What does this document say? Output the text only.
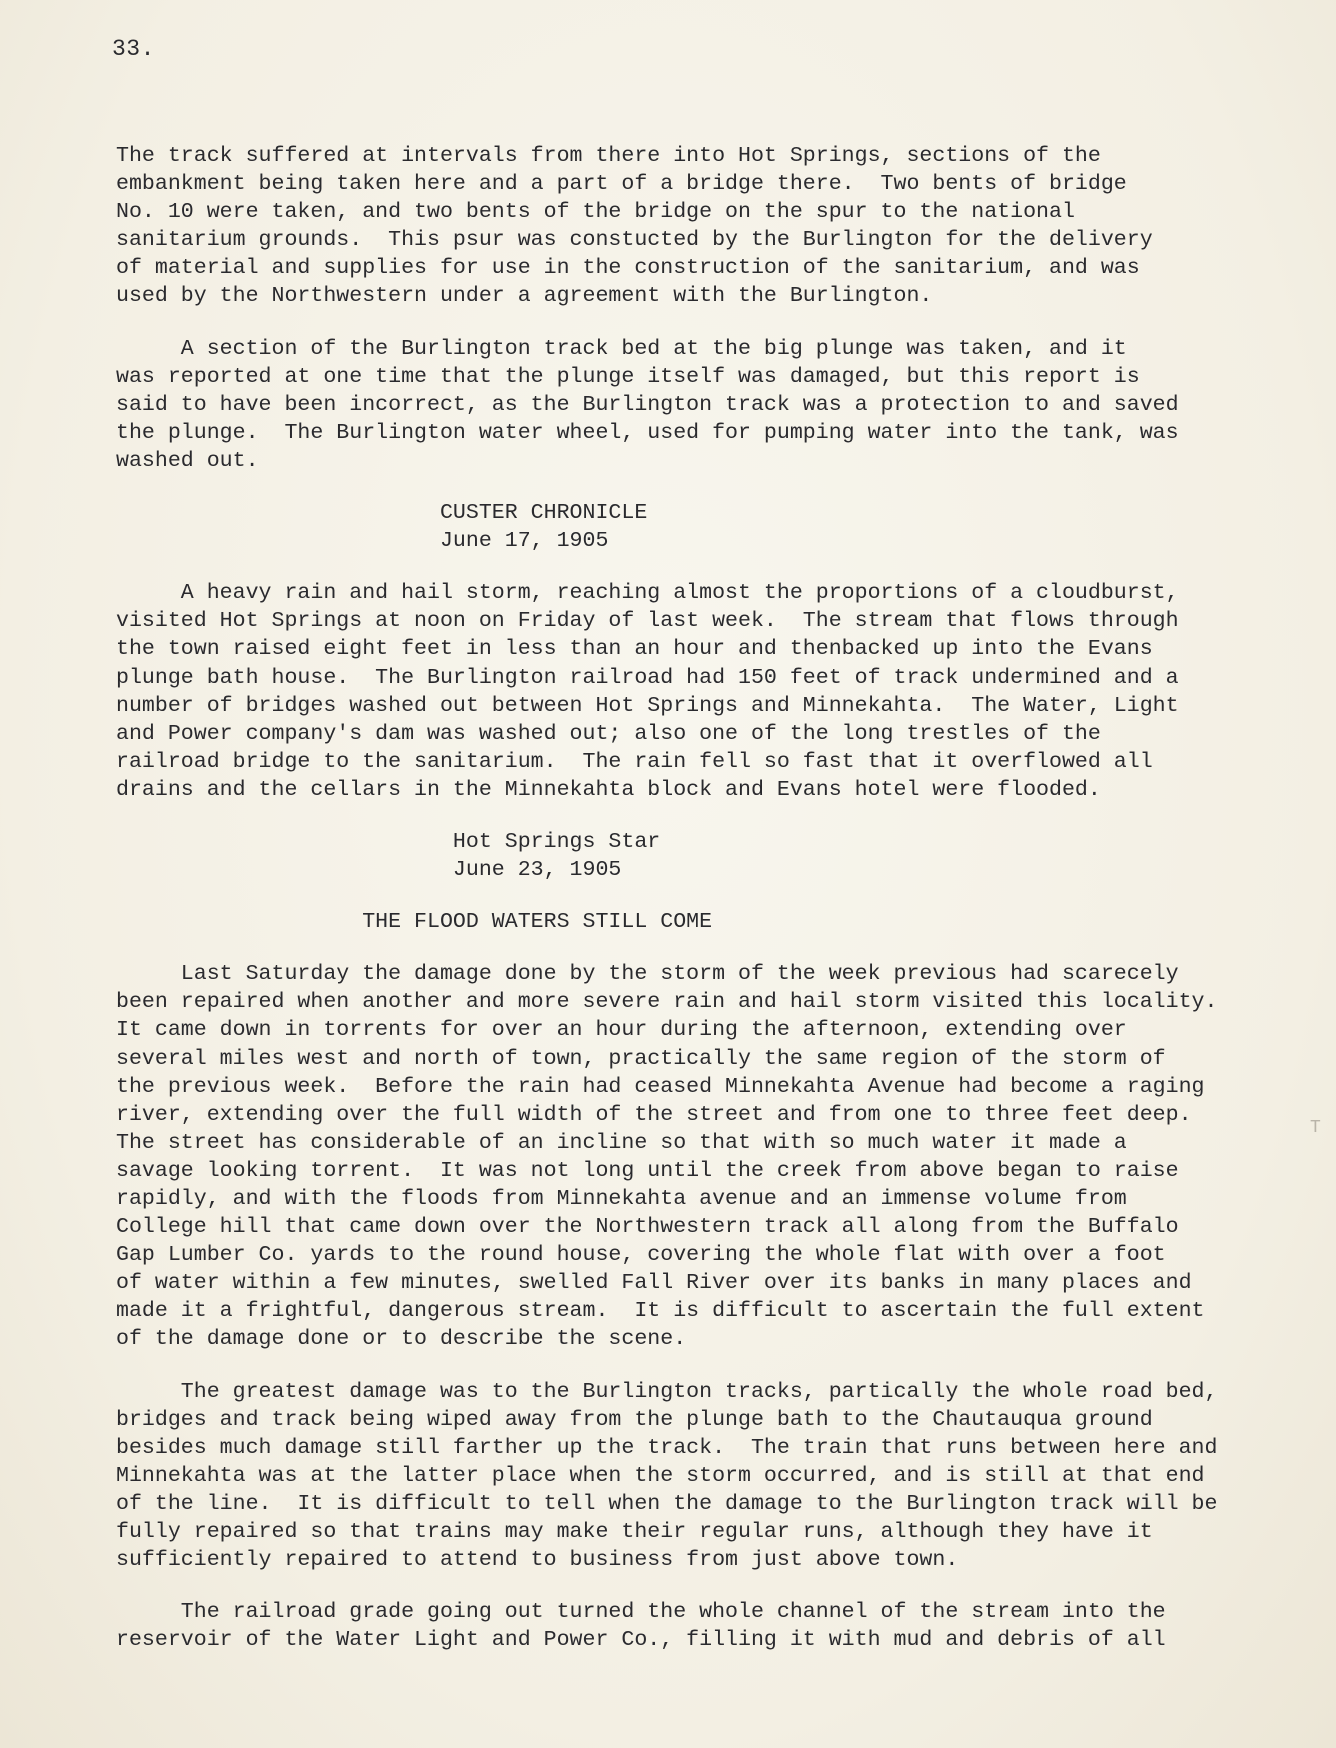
33.
The track suffered at intervals from there into Hot Springs, sections of the
embankment being taken here and a part of a bridge there.  Two bents of bridge
No. 10 were taken, and two bents of the bridge on the spur to the national
sanitarium grounds.  This psur was constucted by the Burlington for the delivery
of material and supplies for use in the construction of the sanitarium, and was
used by the Northwestern under a agreement with the Burlington.
A section of the Burlington track bed at the big plunge was taken, and it
was reported at one time that the plunge itself was damaged, but this report is
said to have been incorrect, as the Burlington track was a protection to and saved
the plunge.  The Burlington water wheel, used for pumping water into the tank, was
washed out.
CUSTER CHRONICLE
June 17, 1905
A heavy rain and hail storm, reaching almost the proportions of a cloudburst,
visited Hot Springs at noon on Friday of last week.  The stream that flows through
the town raised eight feet in less than an hour and thenbacked up into the Evans
plunge bath house.  The Burlington railroad had 150 feet of track undermined and a
number of bridges washed out between Hot Springs and Minnekahta.  The Water, Light
and Power company's dam was washed out; also one of the long trestles of the
railroad bridge to the sanitarium.  The rain fell so fast that it overflowed all
drains and the cellars in the Minnekahta block and Evans hotel were flooded.
Hot Springs Star
June 23, 1905
THE FLOOD WATERS STILL COME
Last Saturday the damage done by the storm of the week previous had scarecely
been repaired when another and more severe rain and hail storm visited this locality.
It came down in torrents for over an hour during the afternoon, extending over
several miles west and north of town, practically the same region of the storm of
the previous week.  Before the rain had ceased Minnekahta Avenue had become a raging
river, extending over the full width of the street and from one to three feet deep.
The street has considerable of an incline so that with so much water it made a
savage looking torrent.  It was not long until the creek from above began to raise
rapidly, and with the floods from Minnekahta avenue and an immense volume from
College hill that came down over the Northwestern track all along from the Buffalo
Gap Lumber Co. yards to the round house, covering the whole flat with over a foot
of water within a few minutes, swelled Fall River over its banks in many places and
made it a frightful, dangerous stream.  It is difficult to ascertain the full extent
of the damage done or to describe the scene.
The greatest damage was to the Burlington tracks, partically the whole road bed,
bridges and track being wiped away from the plunge bath to the Chautauqua ground
besides much damage still farther up the track.  The train that runs between here and
Minnekahta was at the latter place when the storm occurred, and is still at that end
of the line.  It is difficult to tell when the damage to the Burlington track will be
fully repaired so that trains may make their regular runs, although they have it
sufficiently repaired to attend to business from just above town.
The railroad grade going out turned the whole channel of the stream into the
reservoir of the Water Light and Power Co., filling it with mud and debris of all
T
